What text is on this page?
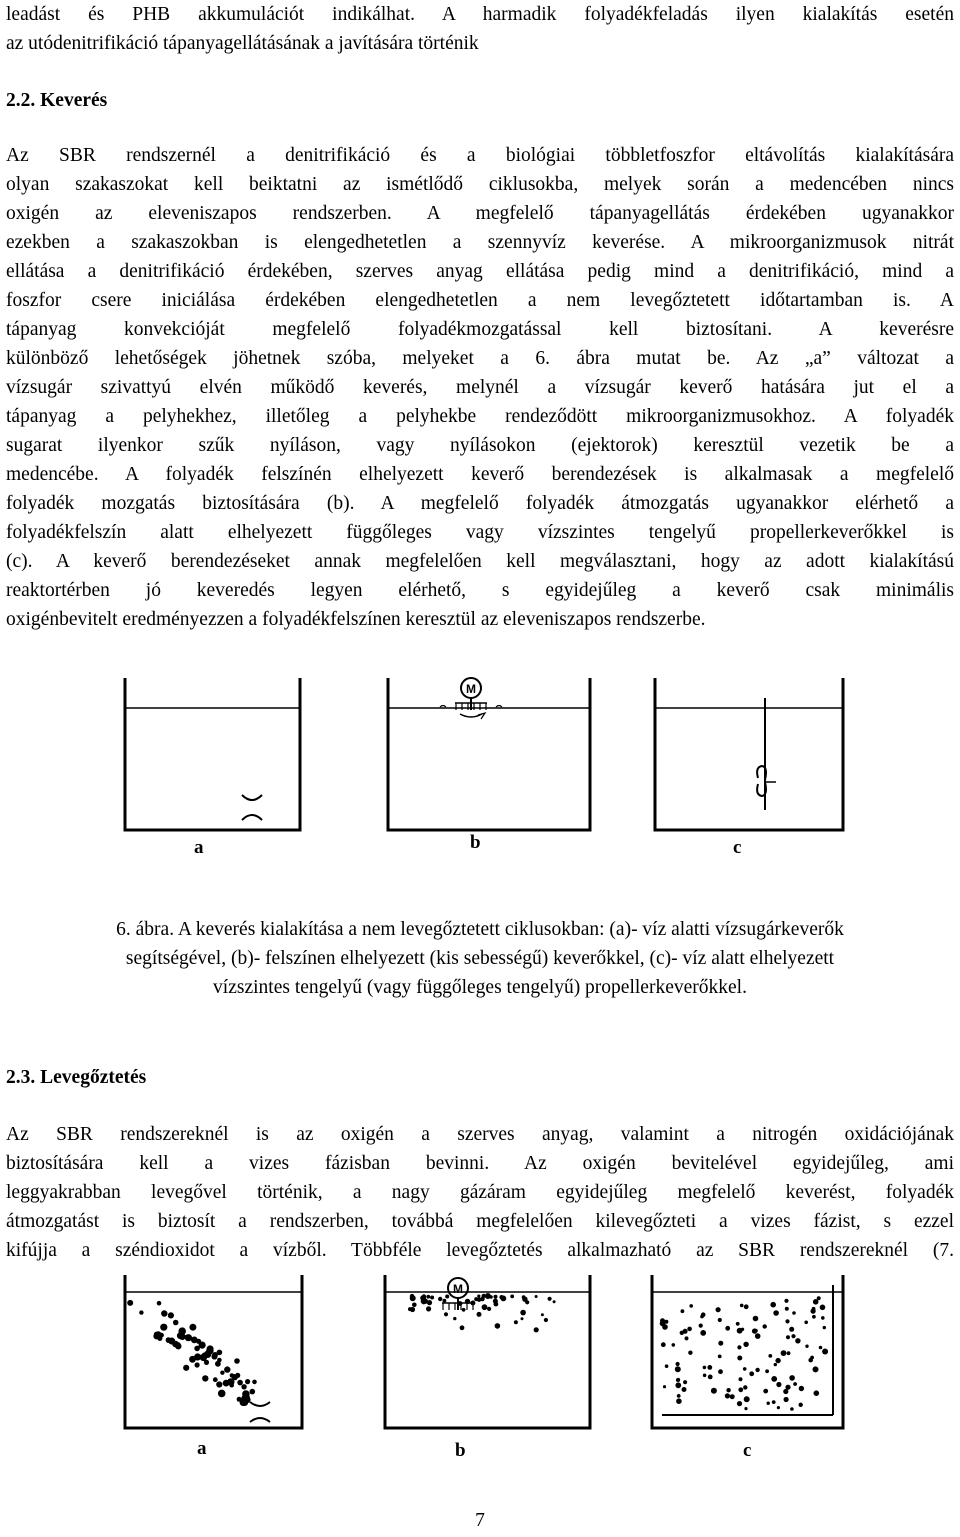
leadást és PHB akkumulációt indikálhat. A harmadik folyadékfeladás ilyen kialakítás esetén
az utódenitrifikáció tápanyagellátásának a javítására történik
2.2. Keverés
Az SBR rendszernél a denitrifikáció és a biológiai többletfoszfor eltávolítás kialakítására
olyan szakaszokat kell beiktatni az ismétlődő ciklusokba, melyek során a medencében nincs
oxigén az eleveniszapos rendszerben. A megfelelő tápanyagellátás érdekében ugyanakkor
ezekben a szakaszokban is elengedhetetlen a szennyvíz keverése. A mikroorganizmusok nitrát
ellátása a denitrifikáció érdekében, szerves anyag ellátása pedig mind a denitrifikáció, mind a
foszfor csere iniciálása érdekében elengedhetetlen a nem levegőztetett időtartamban is. A
tápanyag konvekcióját megfelelő folyadékmozgatással kell biztosítani. A keverésre
különböző lehetőségek jöhetnek szóba, melyeket a 6. ábra mutat be. Az „a” változat a
vízsugár szivattyú elvén működő keverés, melynél a vízsugár keverő hatására jut el a
tápanyag a pelyhekhez, illetőleg a pelyhekbe rendeződött mikroorganizmusokhoz. A folyadék
sugarat ilyenkor szűk nyíláson, vagy nyílásokon (ejektorok) keresztül vezetik be a
medencébe. A folyadék felszínén elhelyezett keverő berendezések is alkalmasak a megfelelő
folyadék mozgatás biztosítására (b). A megfelelő folyadék átmozgatás ugyanakkor elérhető a
folyadékfelszín alatt elhelyezett függőleges vagy vízszintes tengelyű propellerkeverőkkel is
(c). A keverő berendezéseket annak megfelelően kell megválasztani, hogy az adott kialakítású
reaktortérben jó keveredés legyen elérhető, s egyidejűleg a keverő csak minimális
oxigénbevitelt eredményezzen a folyadékfelszínen keresztül az eleveniszapos rendszerbe.
a
M
b	c
6. ábra. A keverés kialakítása a nem levegőztetett ciklusokban: (a)- víz alatti vízsugárkeverők
segítségével, (b)- felszínen elhelyezett (kis sebességű) keverőkkel, (c)- víz alatt elhelyezett
vízszintes tengelyű (vagy függőleges tengelyű) propellerkeverőkkel.
2.3. Levegőztetés
Az SBR rendszereknél is az oxigén a szerves anyag, valamint a nitrogén oxidációjának
biztosítására kell a vizes fázisban bevinni. Az oxigén bevitelével egyidejűleg, ami
leggyakrabban levegővel történik, a nagy gázáram egyidejűleg megfelelő keverést, folyadék
átmozgatást is biztosít a rendszerben, továbbá megfelelően kilevegőzteti a vizes fázist, s ezzel
kifújja a széndioxidot a vízből. Többféle levegőztetés alkalmazható az SBR rendszereknél (7.
a
M
b	c
7
